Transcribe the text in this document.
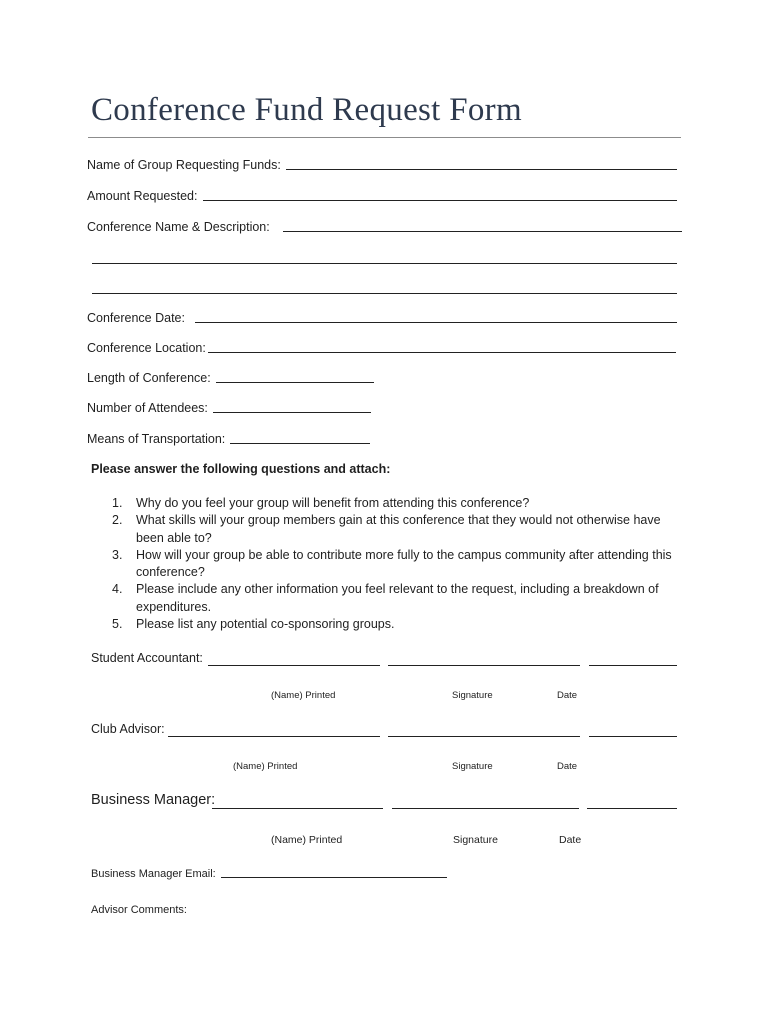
Conference Fund Request Form
Name of Group Requesting Funds:
Amount Requested:
Conference Name & Description:
Conference Date:
Conference Location:
Length of Conference:
Number of Attendees:
Means of Transportation:
Please answer the following questions and attach:
1.	Why do you feel your group will benefit from attending this conference?
2.	What skills will your group members gain at this conference that they would not otherwise have been able to?
3.	How will your group be able to contribute more fully to the campus community after attending this conference?
4.	Please include any other information you feel relevant to the request, including a breakdown of expenditures.
5.	Please list any potential co-sponsoring groups.
Student Accountant:
(Name) Printed	Signature	Date
Club Advisor:
(Name) Printed	Signature	Date
Business Manager:
(Name) Printed	Signature	Date
Business Manager Email:
Advisor Comments:
